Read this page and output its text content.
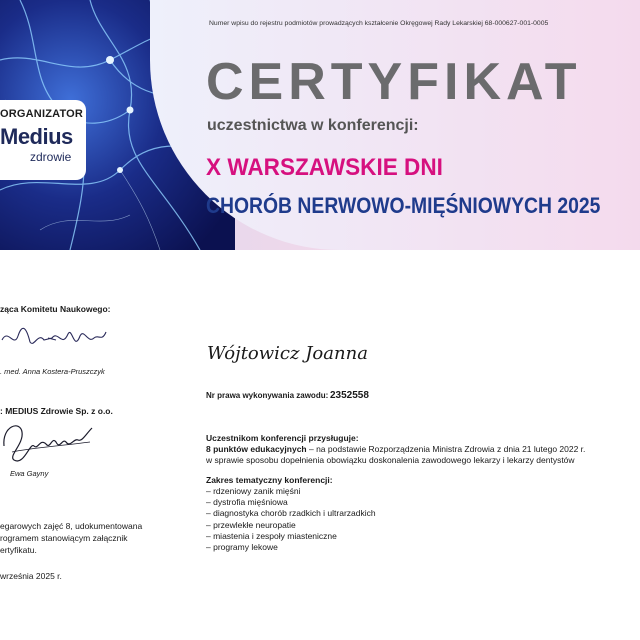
ORGANIZATOR
Medius
zdrowie
Numer wpisu do rejestru podmiotów prowadzących kształcenie Okręgowej Rady Lekarskiej 68-000627-001-0005
CERTYFIKAT
uczestnictwa w konferencji:
X WARSZAWSKIE DNI
CHORÓB NERWOWO-MIĘŚNIOWYCH 2025
ząca Komitetu Naukowego:
Kostera-Pruszczyk
. med. Anna Kostera-Pruszczyk
: MEDIUS Zdrowie Sp. z o.o.
Gayny
Ewa Gayny
egarowych zajęć 8, udokumentowana
rogramem stanowiącym załącznik
ertyfikatu.
września 2025 r.
Wójtowicz Joanna
Nr prawa wykonywania zawodu: 2352558
Uczestnikom konferencji przysługuje:
8 punktów edukacyjnych – na podstawie Rozporządzenia Ministra Zdrowia z dnia 21 lutego 2022 r.
w sprawie sposobu dopełnienia obowiązku doskonalenia zawodowego lekarzy i lekarzy dentystów
Zakres tematyczny konferencji:
– rdzeniowy zanik mięśni
– dystrofia mięśniowa
– diagnostyka chorób rzadkich i ultrarzadkich
– przewlekłe neuropatie
– miastenia i zespoły miasteniczne
– programy lekowe
